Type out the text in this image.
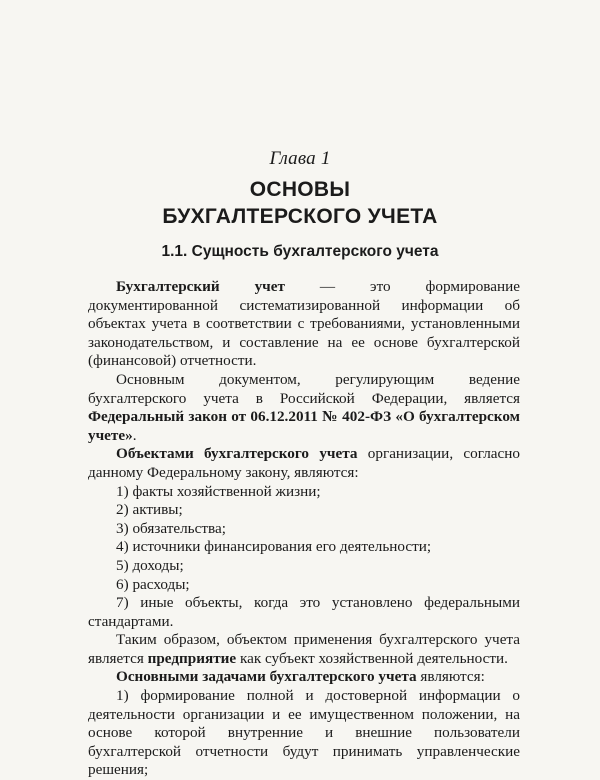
Глава 1
ОСНОВЫ
БУХГАЛТЕРСКОГО УЧЕТА
1.1. Сущность бухгалтерского учета

Бухгалтерский учет — это формирование документированной систематизированной информации об объектах учета в соответствии с требованиями, установленными законодательством, и составление на ее основе бухгалтерской (финансовой) отчетности.

Основным документом, регулирующим ведение бухгалтерского учета в Российской Федерации, является Федеральный закон от 06.12.2011 № 402-ФЗ «О бухгалтерском учете».

Объектами бухгалтерского учета организации, согласно данному Федеральному закону, являются:

1) факты хозяйственной жизни;

2) активы;

3) обязательства;

4) источники финансирования его деятельности;

5) доходы;

6) расходы;

7) иные объекты, когда это установлено федеральными стандартами.

Таким образом, объектом применения бухгалтерского учета является предприятие как субъект хозяйственной деятельности.

Основными задачами бухгалтерского учета являются:

1) формирование полной и достоверной информации о деятельности организации и ее имущественном положении, на основе которой внутренние и внешние пользователи бухгалтерской отчетности будут принимать управленческие решения;
